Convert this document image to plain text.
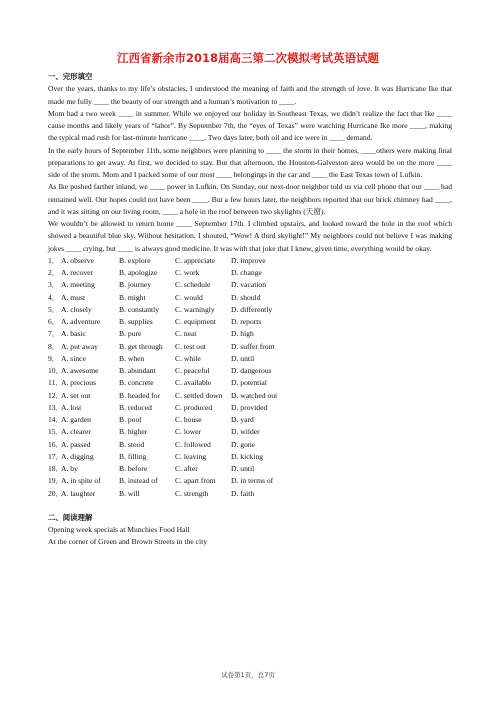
江西省新余市2018届高三第二次模拟考试英语试题

一、完形填空

Over the years, thanks to my life’s obstacles, I understood the meaning of faith and the strength of love. It was Hurricane Ike that made me fully ____ the beauty of our strength and a human’s motivation to ____.

Mom had a two week ____ in summer. While we enjoyed our holiday in Southeast Texas, we didn’t realize the fact that Ike ____ cause months and likely years of “labor”. By September 7th, the “eyes of Texas” were watching Hurricane Ike more ____, making the typical mad rush for last-minute hurricane ____. Two days later, both oil and ice were in ____ demand.

In the early hours of September 11th, some neighbors were planning to ____ the storm in their homes, ____others were making final preparations to get away. At first, we decided to stay. But that afternoon, the Houston-Galveston area would be on the more ____ side of the storm. Mom and I packed some of our most ____ belongings in the car and ____ the East Texas town of Lufkin.

As Ike pushed farther inland, we ____ power in Lufkin. On Sunday, our next-door neighbor told us via cell phone that our ____ had remained well. Our hopes could not have been ____. But a few hours later, the neighbors reported that our brick chimney had ____, and it was sitting on our living room, ____ a hole in the roof between two skylights (天窗).

We wouldn’t be allowed to return home ____ September 17th. I climbed upstairs, and looked toward the hole in the roof which showed a beautiful blue sky. Without hesitation, I shouted, “Wow! A third skylight!” My neighbors could not believe I was making jokes ____ crying, but ____ is always good medicine. It was with that joke that I knew, given time, everything would be okay.

1． A. observe	B. explore	C. appreciate D. improve
2． A. recover	B. apologize C. work	D. change
3． A. meeting	B. journey	C. schedule	D. vacation
4． A. must	B. might	C. would	D. should
5． A. closely	B. constantly C. warningly D. differently
6． A. adventure B. supplies	C. equipment D. reports
7． A. basic	B. pure	C. neat	D. high
8． A. put away	B. get through C. test out	D. suffer from
9． A. since	B. when	C. while	D. until
10．A. awesome	B. abundant	C. peaceful	D. dangerous
11．A. precious	B. concrete	C. available	D. potential
12．A. set out	B. headed for C. settled down D. watched out
13．A. lost	B. reduced	C. produced D. provided
14．A. garden	B. pool	C. house	D. yard
15．A. clearer	B. higher	C. lower	D. wilder
16．A. passed	B. stood	C. followed	D. gone
17．A. digging	B. filling	C. leaving	D. kicking
18．A. by	B. before	C. after	D. until
19．A. in spite of B. instead of C. apart from D. in terms of
20．A. laughter	B. will	C. strength	D. faith

二、阅读理解

Opening week specials at Munchies Food Hall

At the corner of Green and Brown Streets in the city

试卷第1页，总7页
